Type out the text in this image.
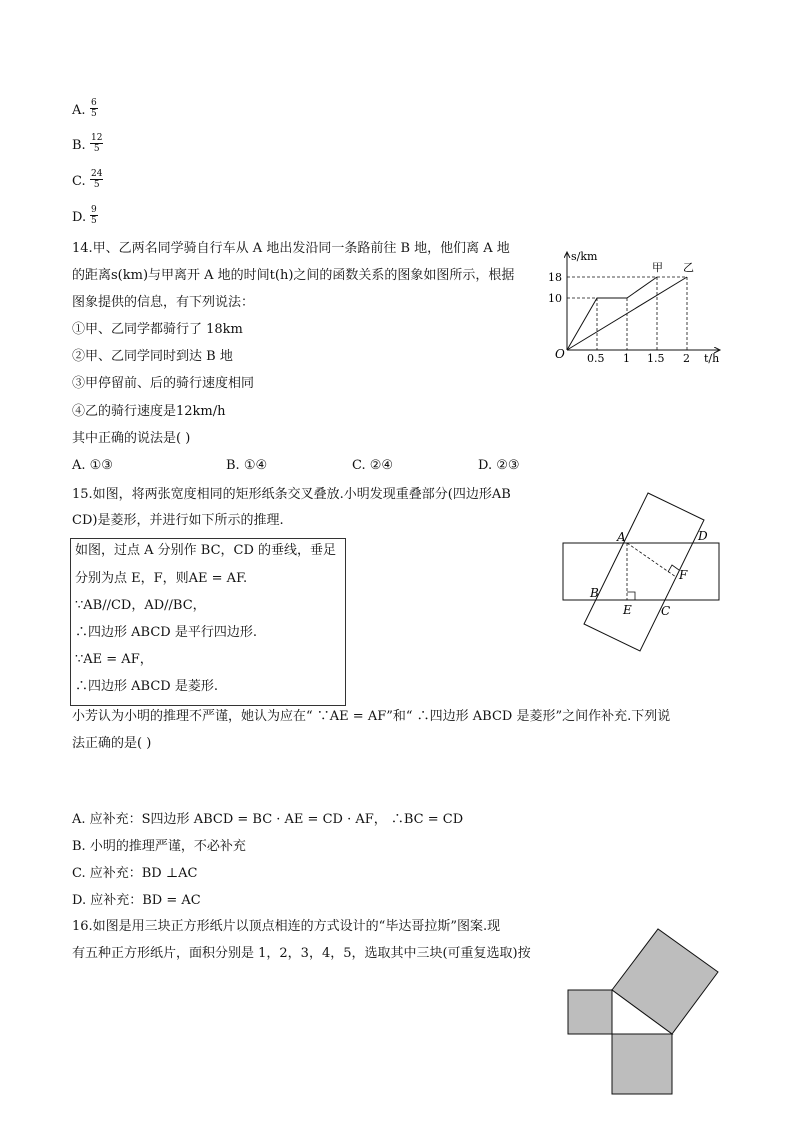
A. $\frac{6}{5}$
B. $\frac{12}{5}$
C. $\frac{24}{5}$
D. $\frac{9}{5}$
14.甲、乙两名同学骑自行车从 A 地出发沿同一条路前往 B 地，他们离 A 地
的距离s(km)与甲离开 A 地的时间t(h)之间的函数关系的图象如图所示，根据
图象提供的信息，有下列说法：
①甲、乙同学都骑行了 18km
②甲、乙同学同时到达 B 地
③甲停留前、后的骑行速度相同
④乙的骑行速度是12km/h
其中正确的说法是( )
A. ①③	B. ①④	C. ②④	D. ②③
s/km
t/h
18
10
0.5 1 1.5 2
O
甲 乙
15.如图，将两张宽度相同的矩形纸条交叉叠放.小明发现重叠部分(四边形AB
CD)是菱形，并进行如下所示的推理.
如图，过点 A 分别作 BC，CD 的垂线，垂足
分别为点 E，F，则AE = AF.
∵AB//CD，AD//BC，
∴四边形 ABCD 是平行四边形.
∵AE = AF，
∴四边形 ABCD 是菱形.
小芳认为小明的推理不严谨，她认为应在“ ∵AE = AF”和“ ∴四边形 ABCD 是菱形”之间作补充.下列说
法正确的是( )
A. 应补充：S四边形 ABCD = BC · AE = CD · AF， ∴BC = CD
B. 小明的推理严谨，不必补充
C. 应补充：BD ⊥AC
D. 应补充：BD = AC
A
B
C
D
E
F
16.如图是用三块正方形纸片以顶点相连的方式设计的“毕达哥拉斯”图案.现
有五种正方形纸片，面积分别是 1，2，3，4，5，选取其中三块(可重复选取)按
